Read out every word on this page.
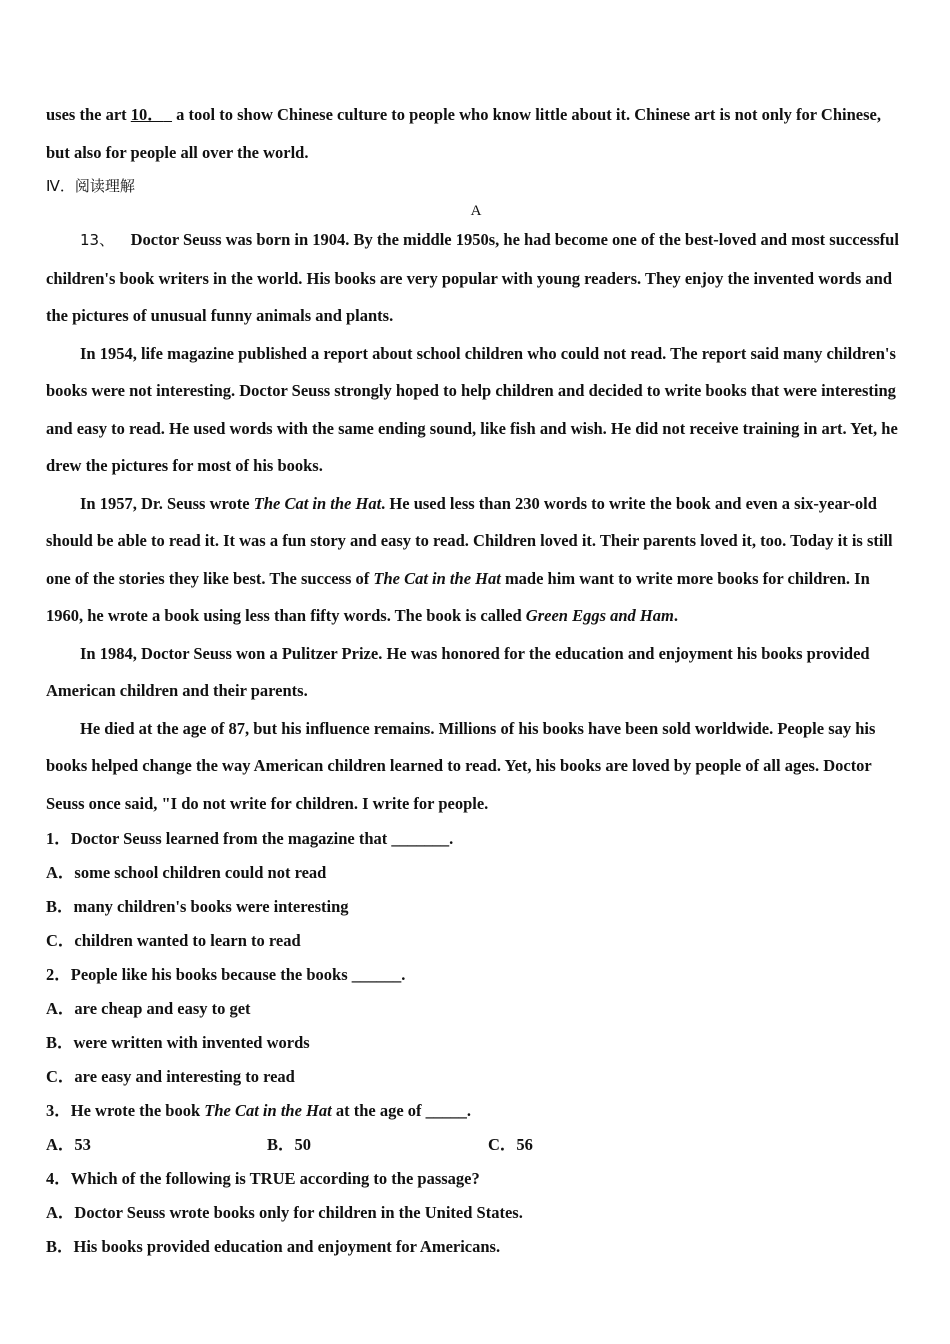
uses the art 10．   a tool to show Chinese culture to people who know little about it. Chinese art is not only for Chinese, but also for people all over the world.

Ⅳ．阅读理解

A

13、 Doctor Seuss was born in 1904. By the middle 1950s, he had become one of the best-loved and most successful children's book writers in the world. His books are very popular with young readers. They enjoy the invented words and the pictures of unusual funny animals and plants.

In 1954, life magazine published a report about school children who could not read. The report said many children's books were not interesting. Doctor Seuss strongly hoped to help children and decided to write books that were interesting and easy to read. He used words with the same ending sound, like fish and wish. He did not receive training in art. Yet, he drew the pictures for most of his books.

In 1957, Dr. Seuss wrote The Cat in the Hat. He used less than 230 words to write the book and even a six-year-old should be able to read it. It was a fun story and easy to read. Children loved it. Their parents loved it, too. Today it is still one of the stories they like best. The success of The Cat in the Hat made him want to write more books for children. In 1960, he wrote a book using less than fifty words. The book is called Green Eggs and Ham.

In 1984, Doctor Seuss won a Pulitzer Prize. He was honored for the education and enjoyment his books provided American children and their parents.

He died at the age of 87, but his influence remains. Millions of his books have been sold worldwide. People say his books helped change the way American children learned to read. Yet, his books are loved by people of all ages. Doctor Seuss once said, "I do not write for children. I write for people.

1．Doctor Seuss learned from the magazine that _______.

A．some school children could not read

B．many children's books were interesting

C．children wanted to learn to read

2．People like his books because the books ______.

A．are cheap and easy to get

B．were written with invented words

C．are easy and interesting to read

3．He wrote the book The Cat in the Hat at the age of _____.

A．53	B．50	C．56

4．Which of the following is TRUE according to the passage?

A．Doctor Seuss wrote books only for children in the United States.

B．His books provided education and enjoyment for Americans.
